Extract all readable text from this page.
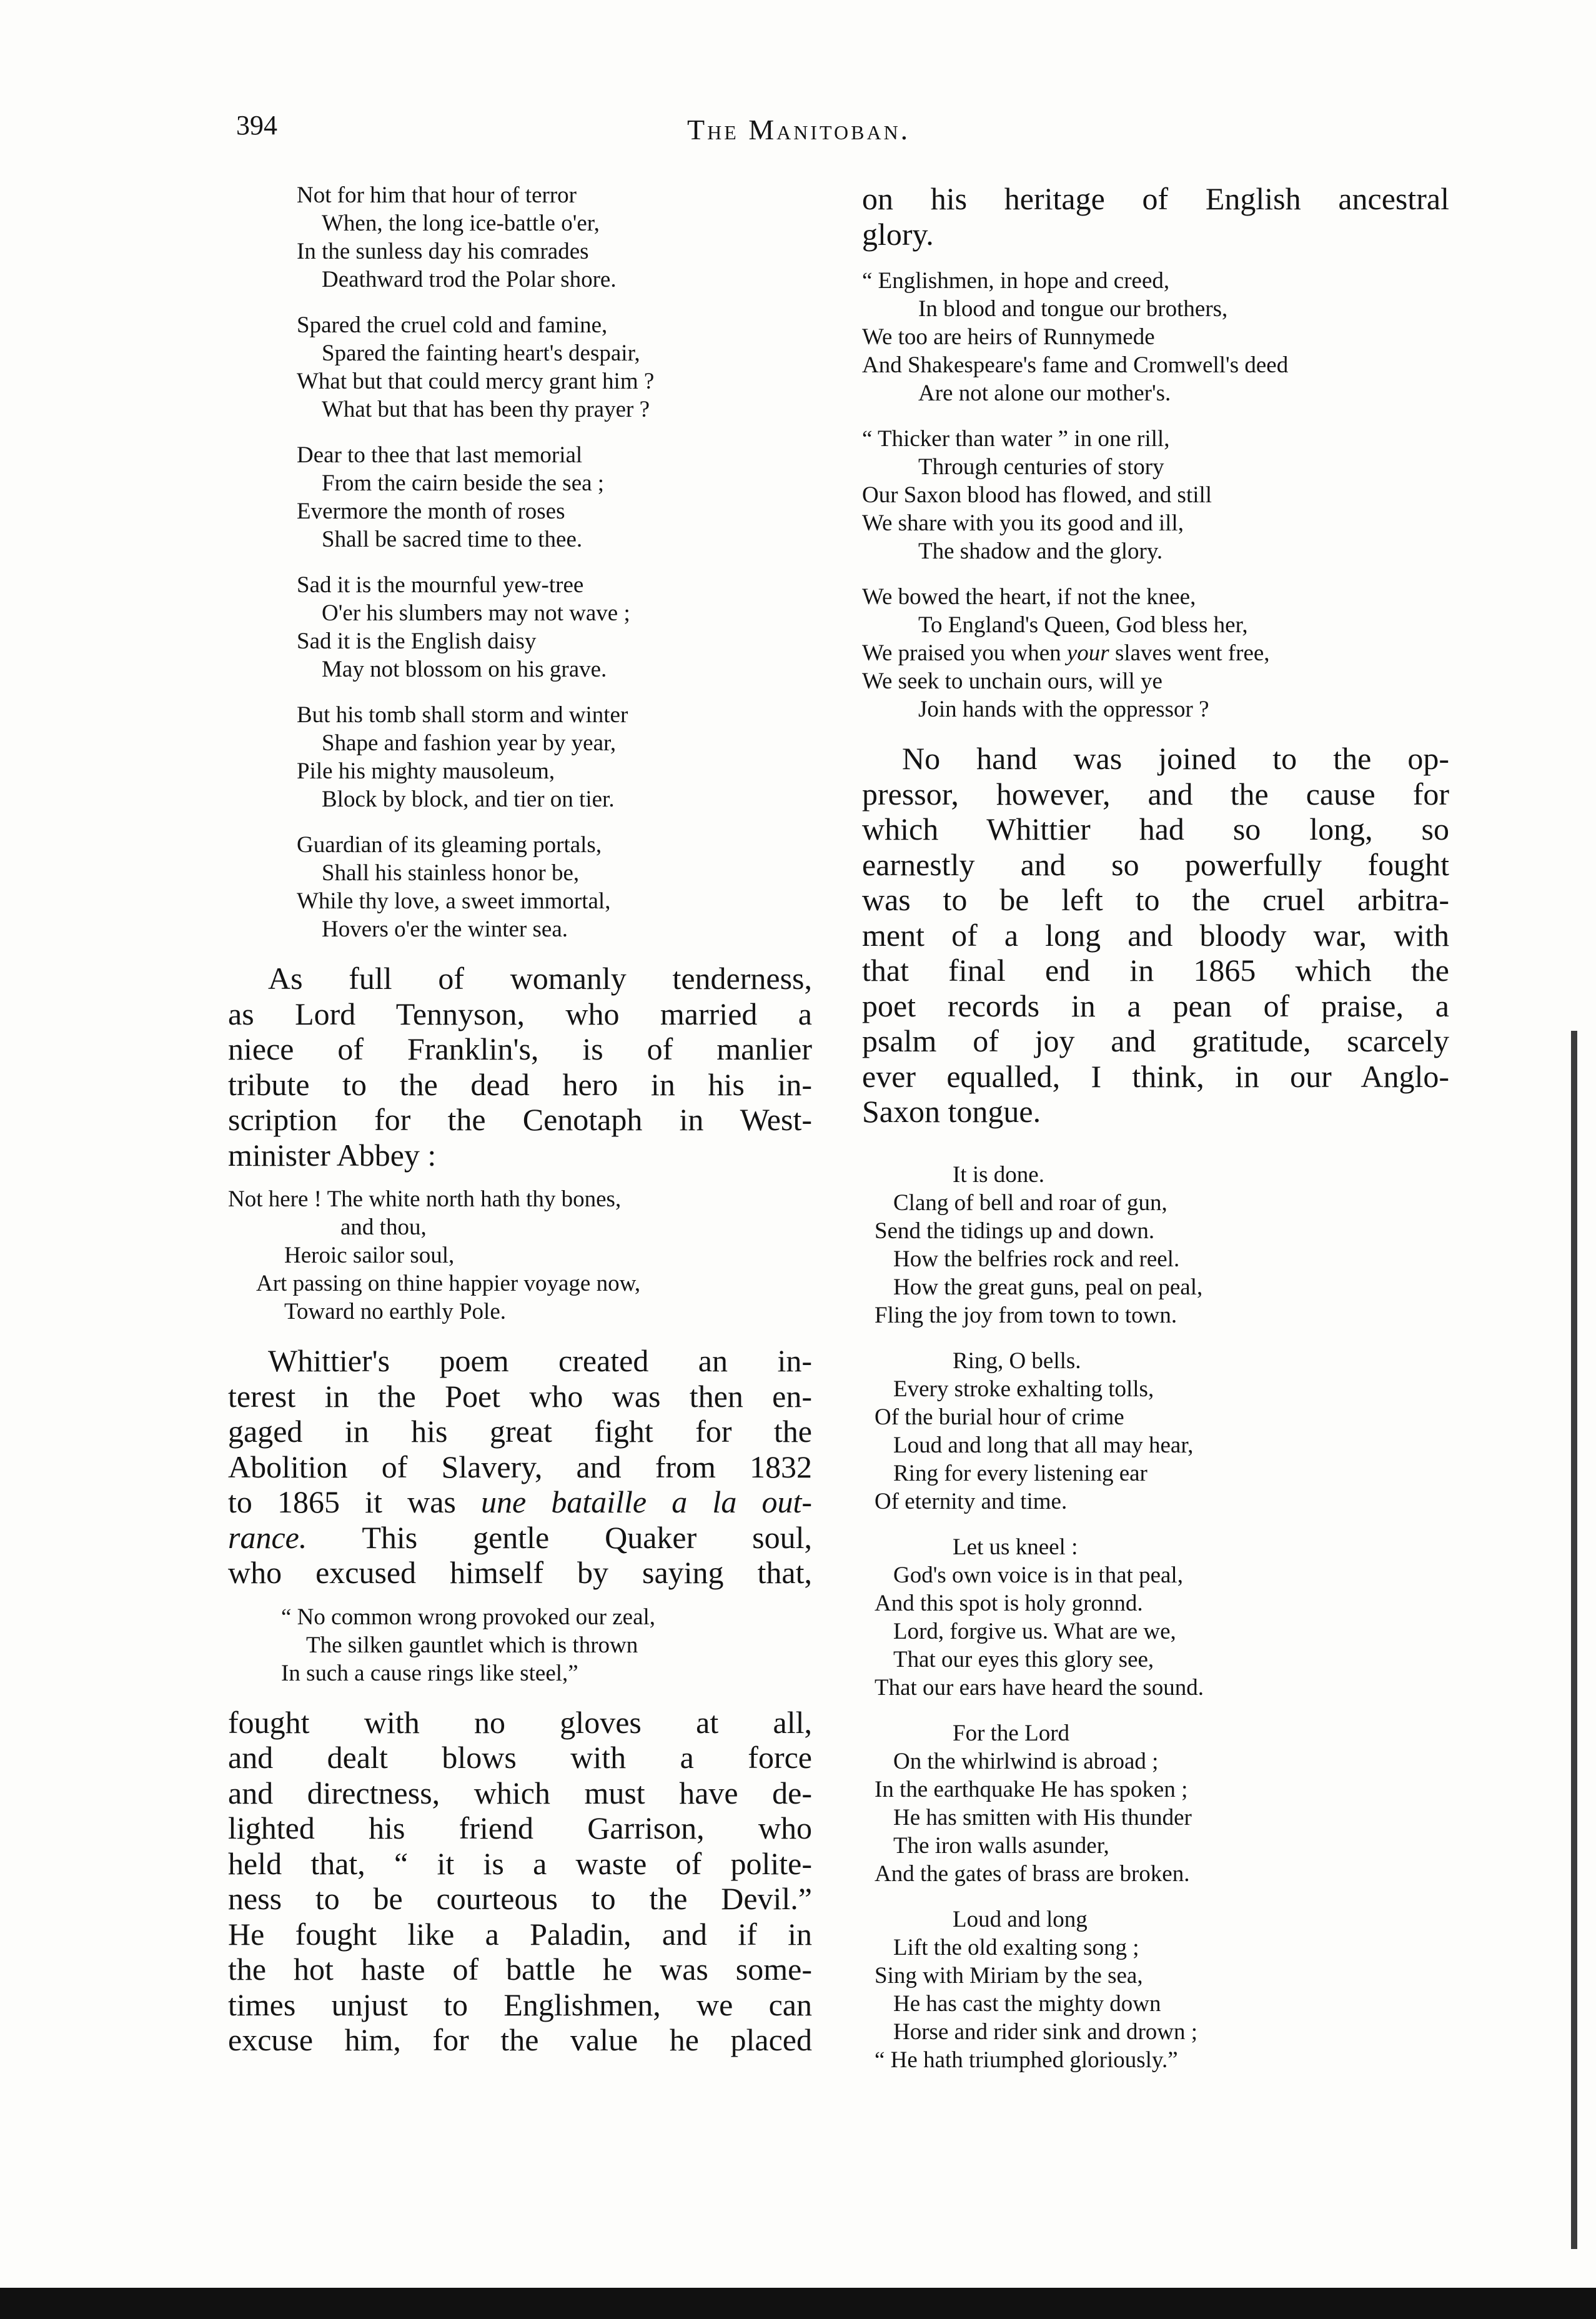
394	The Manitoban.
Not for him that hour of terror
When, the long ice-battle o'er,
In the sunless day his comrades
Deathward trod the Polar shore.
Spared the cruel cold and famine,
Spared the fainting heart's despair,
What but that could mercy grant him ?
What but that has been thy prayer ?
Dear to thee that last memorial
From the cairn beside the sea ;
Evermore the month of roses
Shall be sacred time to thee.
Sad it is the mournful yew-tree
O'er his slumbers may not wave ;
Sad it is the English daisy
May not blossom on his grave.
But his tomb shall storm and winter
Shape and fashion year by year,
Pile his mighty mausoleum,
Block by block, and tier on tier.
Guardian of its gleaming portals,
Shall his stainless honor be,
While thy love, a sweet immortal,
Hovers o'er the winter sea.
As full of womanly tenderness,
as Lord Tennyson, who married a
niece of Franklin's, is of manlier
tribute to the dead hero in his in-
scription for the Cenotaph in West-
minister Abbey :
Not here ! The white north hath thy bones,
and thou,
Heroic sailor soul,
Art passing on thine happier voyage now,
Toward no earthly Pole.
Whittier's poem created an in-
terest in the Poet who was then en-
gaged in his great fight for the
Abolition of Slavery, and from 1832
to 1865 it was une bataille a la out-
rance. This gentle Quaker soul,
who excused himself by saying that,
“ No common wrong provoked our zeal,
The silken gauntlet which is thrown
In such a cause rings like steel,”
fought with no gloves at all,
and dealt blows with a force
and directness, which must have de-
lighted his friend Garrison, who
held that, “ it is a waste of polite-
ness to be courteous to the Devil.”
He fought like a Paladin, and if in
the hot haste of battle he was some-
times unjust to Englishmen, we can
excuse him, for the value he placed
on his heritage of English ancestral
glory.
“ Englishmen, in hope and creed,
In blood and tongue our brothers,
We too are heirs of Runnymede
And Shakespeare's fame and Cromwell's deed
Are not alone our mother's.
“ Thicker than water ” in one rill,
Through centuries of story
Our Saxon blood has flowed, and still
We share with you its good and ill,
The shadow and the glory.
We bowed the heart, if not the knee,
To England's Queen, God bless her,
We praised you when your slaves went free,
We seek to unchain ours, will ye
Join hands with the oppressor ?
No hand was joined to the op-
pressor, however, and the cause for
which Whittier had so long, so
earnestly and so powerfully fought
was to be left to the cruel arbitra-
ment of a long and bloody war, with
that final end in 1865 which the
poet records in a pean of praise, a
psalm of joy and gratitude, scarcely
ever equalled, I think, in our Anglo-
Saxon tongue.
It is done.
Clang of bell and roar of gun,
Send the tidings up and down.
How the belfries rock and reel.
How the great guns, peal on peal,
Fling the joy from town to town.
Ring, O bells.
Every stroke exhalting tolls,
Of the burial hour of crime
Loud and long that all may hear,
Ring for every listening ear
Of eternity and time.
Let us kneel :
God's own voice is in that peal,
And this spot is holy gronnd.
Lord, forgive us. What are we,
That our eyes this glory see,
That our ears have heard the sound.
For the Lord
On the whirlwind is abroad ;
In the earthquake He has spoken ;
He has smitten with His thunder
The iron walls asunder,
And the gates of brass are broken.
Loud and long
Lift the old exalting song ;
Sing with Miriam by the sea,
He has cast the mighty down
Horse and rider sink and drown ;
“ He hath triumphed gloriously.”
